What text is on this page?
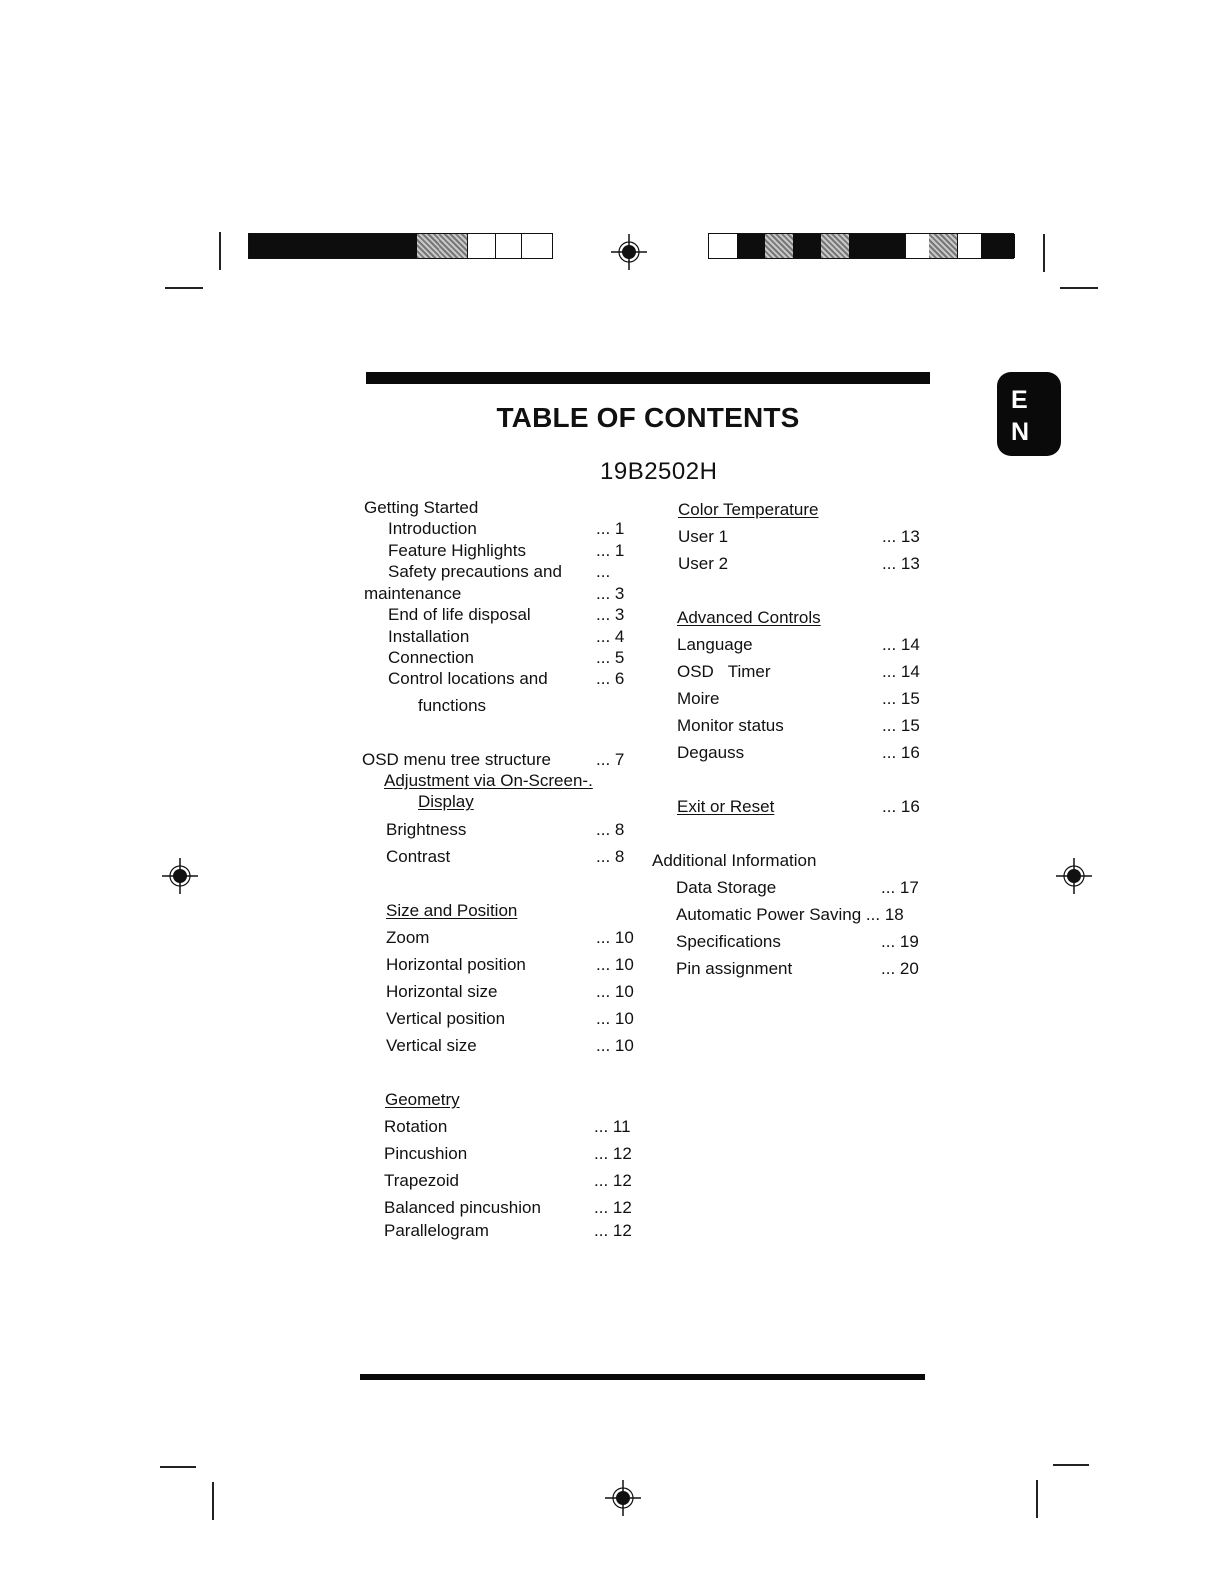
E
N
TABLE OF CONTENTS
19B2502H
Getting Started
Introduction	... 1
Feature Highlights	... 1
Safety precautions and ...
maintenance	... 3
End of life disposal	... 3
Installation	... 4
Connection	... 5
Control locations and	... 6
functions
OSD menu tree structure	... 7
Adjustment via On-Screen-.
Display
Brightness	... 8
Contrast	... 8
Size and Position
Zoom	... 10
Horizontal position	... 10
Horizontal size	... 10
Vertical position	... 10
Vertical size	... 10
Geometry
Rotation	... 11
Pincushion	... 12
Trapezoid	... 12
Balanced pincushion	... 12
Parallelogram	... 12
Color Temperature
User 1	... 13
User 2	... 13
Advanced Controls
Language	... 14
OSD   Timer	... 14
Moire	... 15
Monitor status	... 15
Degauss	... 16
Exit or Reset	... 16
Additional Information
Data Storage	... 17
Automatic Power Saving ... 18
Specifications	... 19
Pin assignment	... 20
